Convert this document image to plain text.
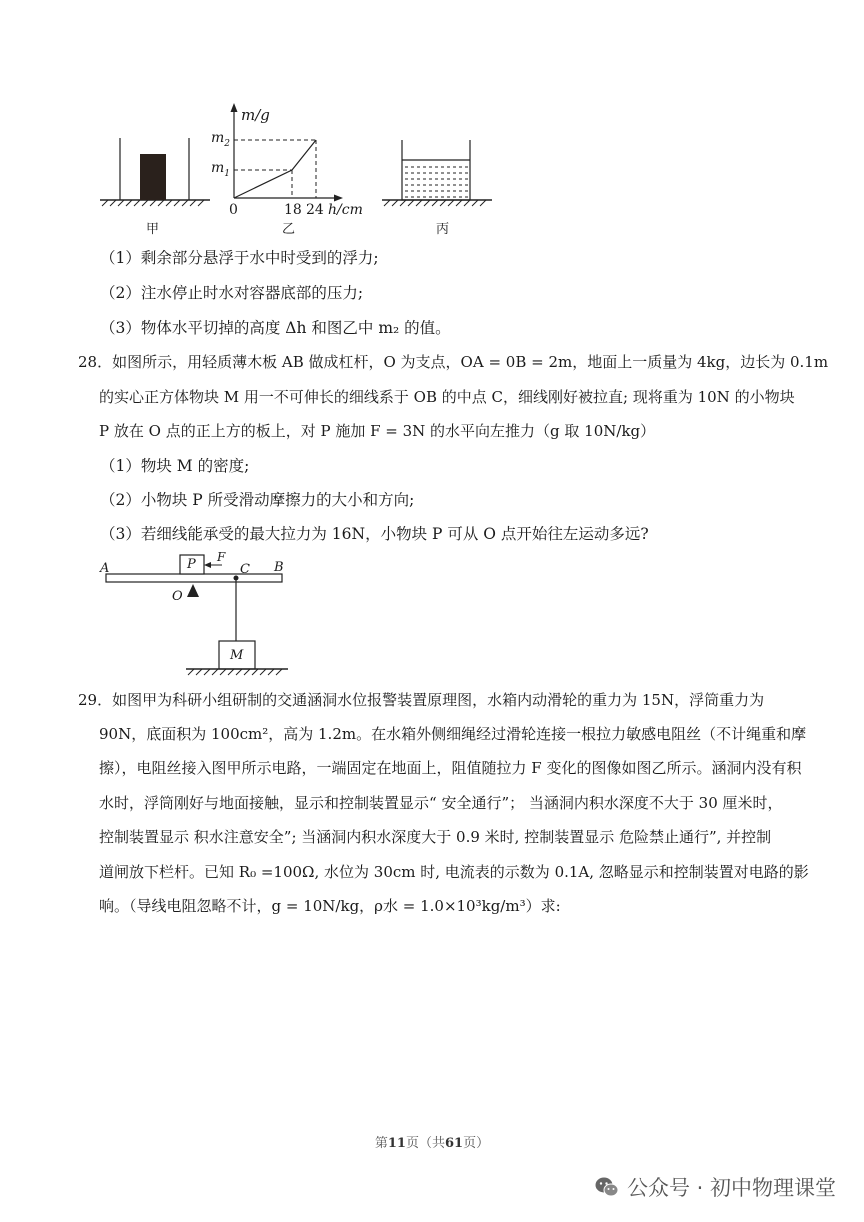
m/g
$m_2$
$m_1$
0	18 24 h/cm
甲	乙	丙
（1）剩余部分悬浮于水中时受到的浮力;
（2）注水停止时水对容器底部的压力;
（3）物体水平切掉的高度 Δh 和图乙中 m₂ 的值。
28．如图所示，用轻质薄木板 AB 做成杠杆，O 为支点，OA = 0B = 2m，地面上一质量为 4kg，边长为 0.1m
的实心正方体物块 M 用一不可伸长的细线系于 OB 的中点 C，细线刚好被拉直; 现将重为 10N 的小物块
P 放在 O 点的正上方的板上，对 P 施加 F = 3N 的水平向左推力（g 取 10N/kg）
（1）物块 M 的密度;
（2）小物块 P 所受滑动摩擦力的大小和方向;
（3）若细线能承受的最大拉力为 16N，小物块 P 可从 O 点开始往左运动多远?
A	B
C
O
P F
M
29．如图甲为科研小组研制的交通涵洞水位报警装置原理图，水箱内动滑轮的重力为 15N，浮筒重力为
90N，底面积为 100cm²，高为 1.2m。在水箱外侧细绳经过滑轮连接一根拉力敏感电阻丝（不计绳重和摩
擦），电阻丝接入图甲所示电路，一端固定在地面上，阻值随拉力 F 变化的图像如图乙所示。涵洞内没有积
水时，浮筒刚好与地面接触，显示和控制装置显示“ 安全通行”； 当涵洞内积水深度不大于 30 厘米时，
控制装置显示 积水注意安全”; 当涵洞内积水深度大于 0.9 米时, 控制装置显示 危险禁止通行”, 并控制
道闸放下栏杆。已知 R₀ =100Ω, 水位为 30cm 时, 电流表的示数为 0.1A, 忽略显示和控制装置对电路的影
响。（导线电阻忽略不计，g = 10N/kg，ρ水 = 1.0×10³kg/m³）求:
第11页（共61页）
公众号 · 初中物理课堂
